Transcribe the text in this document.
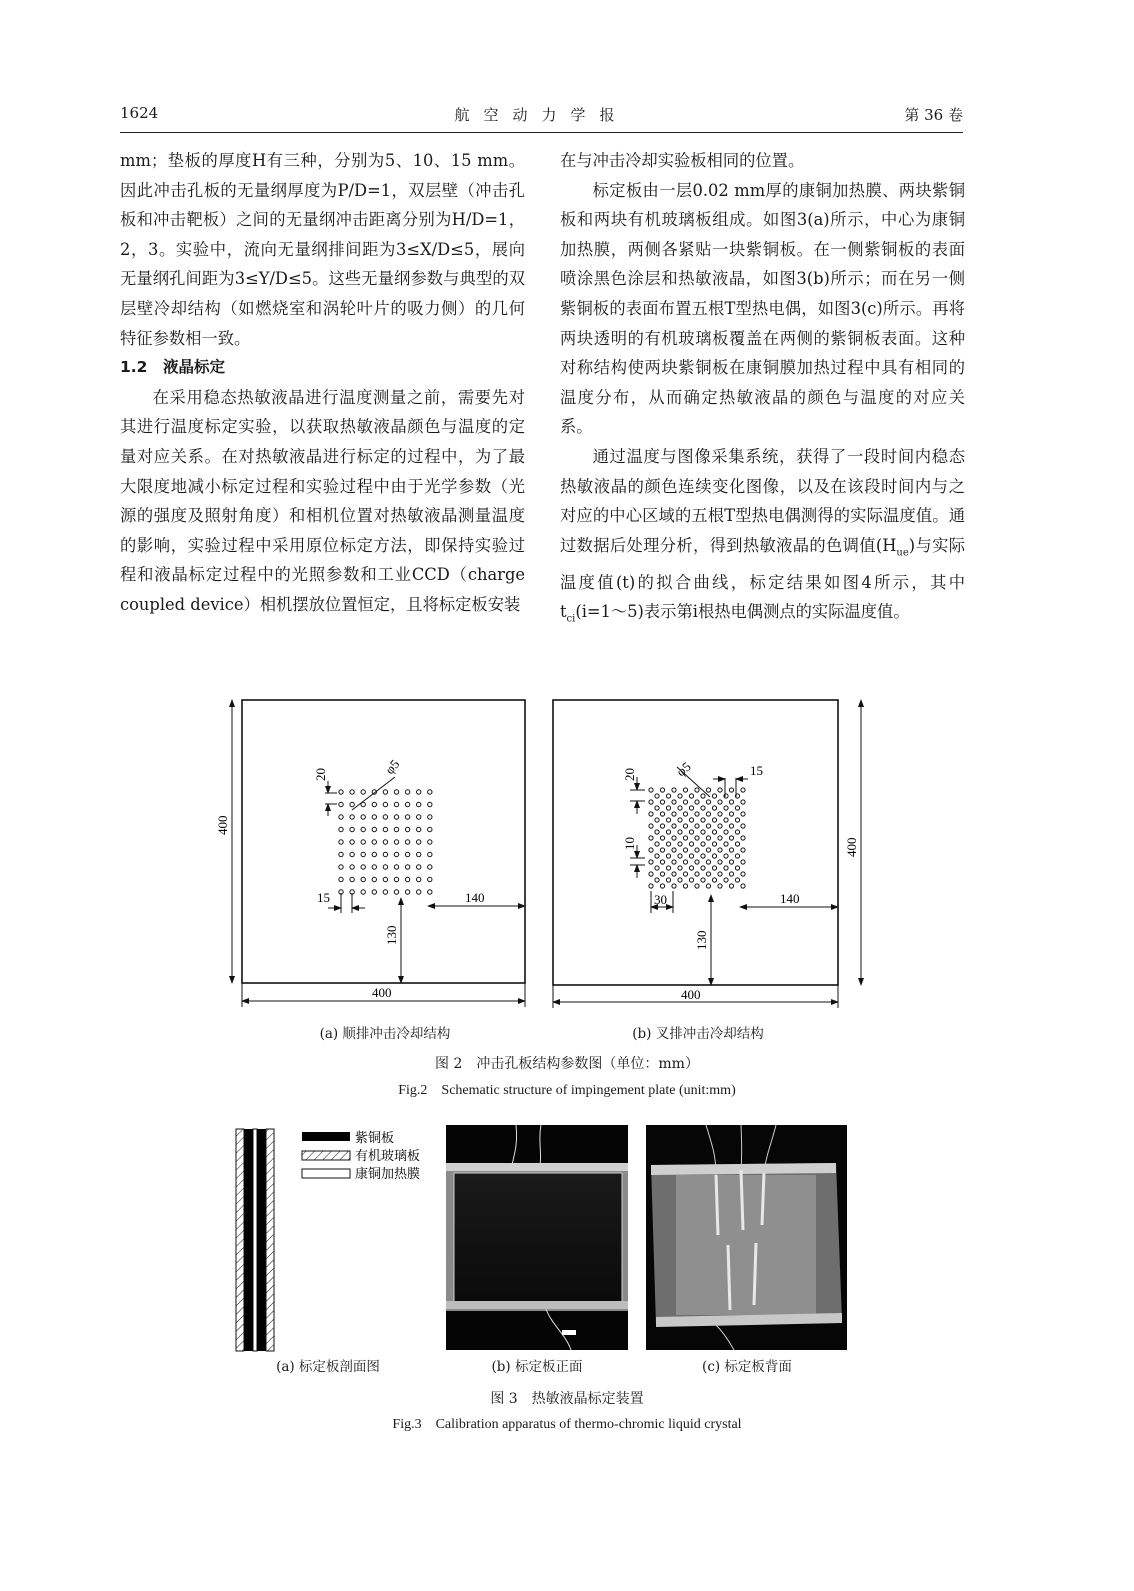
1624	航空动力学报	第 36 卷

mm；垫板的厚度H有三种，分别为5、10、15 mm。因此冲击孔板的无量纲厚度为P/D=1，双层壁（冲击孔板和冲击靶板）之间的无量纲冲击距离分别为H/D=1，2，3。实验中，流向无量纲排间距为3≤X/D≤5，展向无量纲孔间距为3≤Y/D≤5。这些无量纲参数与典型的双层壁冷却结构（如燃烧室和涡轮叶片的吸力侧）的几何特征参数相一致。

1.2　液晶标定

在采用稳态热敏液晶进行温度测量之前，需要先对其进行温度标定实验，以获取热敏液晶颜色与温度的定量对应关系。在对热敏液晶进行标定的过程中，为了最大限度地减小标定过程和实验过程中由于光学参数（光源的强度及照射角度）和相机位置对热敏液晶测量温度的影响，实验过程中采用原位标定方法，即保持实验过程和液晶标定过程中的光照参数和工业CCD（charge coupled device）相机摆放位置恒定，且将标定板安装

在与冲击冷却实验板相同的位置。

标定板由一层0.02 mm厚的康铜加热膜、两块紫铜板和两块有机玻璃板组成。如图3(a)所示，中心为康铜加热膜，两侧各紧贴一块紫铜板。在一侧紫铜板的表面喷涂黑色涂层和热敏液晶，如图3(b)所示；而在另一侧紫铜板的表面布置五根T型热电偶，如图3(c)所示。再将两块透明的有机玻璃板覆盖在两侧的紫铜板表面。这种对称结构使两块紫铜板在康铜膜加热过程中具有相同的温度分布，从而确定热敏液晶的颜色与温度的对应关系。

通过温度与图像采集系统，获得了一段时间内稳态热敏液晶的颜色连续变化图像，以及在该段时间内与之对应的中心区域的五根T型热电偶测得的实际温度值。通过数据后处理分析，得到热敏液晶的色调值$(H_{ue})$与实际温度值(t)的拟合曲线，标定结果如图4所示，其中$t_{ci}(i=1\sim 5)$表示第i根热电偶测点的实际温度值。

400
400
130
140
15
20	φ5
400
400
130
140
30
20
10
15
φ5
(a) 顺排冲击冷却结构	(b) 叉排冲击冷却结构
图 2　冲击孔板结构参数图（单位：mm）
Fig.2　Schematic structure of impingement plate (unit:mm)
紫铜板
有机玻璃板
康铜加热膜
(a) 标定板剖面图	(b) 标定板正面	(c) 标定板背面
图 3　热敏液晶标定装置
Fig.3　Calibration apparatus of thermo-chromic liquid crystal
